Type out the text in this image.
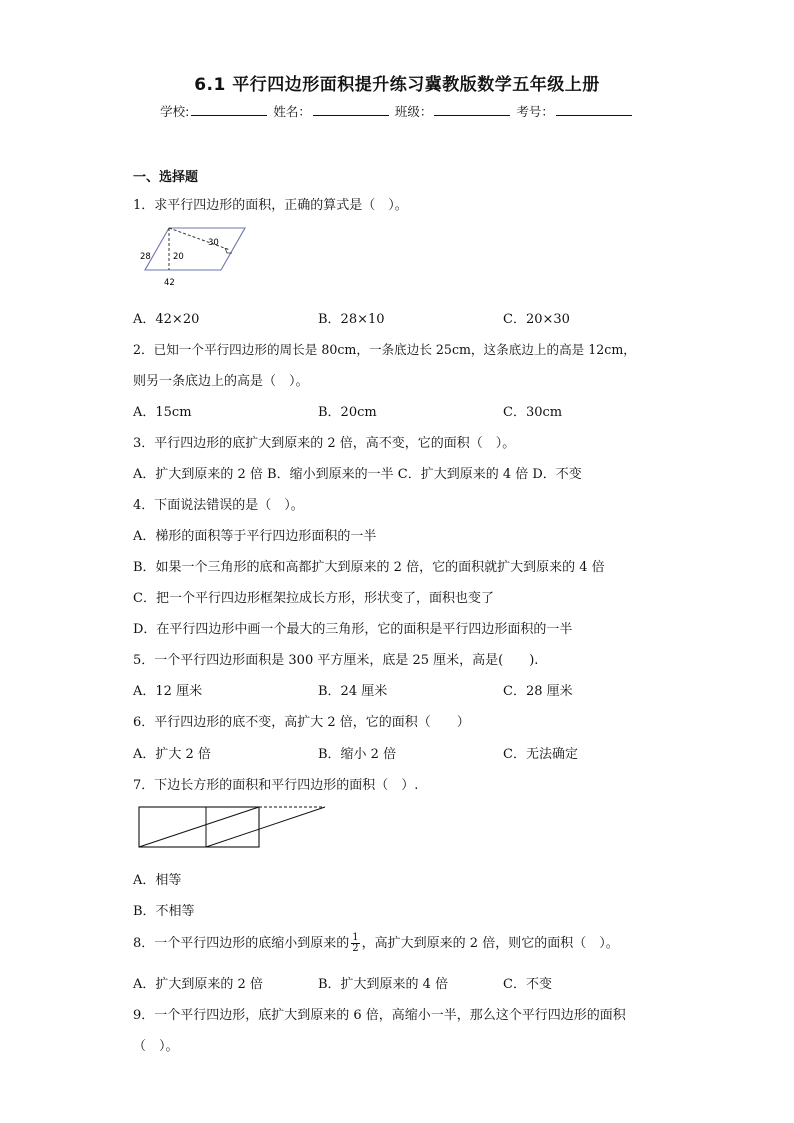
6.1 平行四边形面积提升练习冀教版数学五年级上册
学校:	姓名：	班级：	考号：
一、选择题
1．求平行四边形的面积，正确的算式是（　）。
28	20
30
42
A．42×20	B．28×10	C．20×30
2．已知一个平行四边形的周长是 80cm，一条底边长 25cm，这条底边上的高是 12cm，
则另一条底边上的高是（　）。
A．15cm	B．20cm	C．30cm
3．平行四边形的底扩大到原来的 2 倍，高不变，它的面积（　）。
A．扩大到原来的 2 倍 B．缩小到原来的一半 C．扩大到原来的 4 倍 D．不变
4．下面说法错误的是（　）。
A．梯形的面积等于平行四边形面积的一半
B．如果一个三角形的底和高都扩大到原来的 2 倍，它的面积就扩大到原来的 4 倍
C．把一个平行四边形框架拉成长方形，形状变了，面积也变了
D．在平行四边形中画一个最大的三角形，它的面积是平行四边形面积的一半
5．一个平行四边形面积是 300 平方厘米，底是 25 厘米，高是(　　).
A．12 厘米	B．24 厘米	C．28 厘米
6．平行四边形的底不变，高扩大 2 倍，它的面积（　　）
A．扩大 2 倍	B．缩小 2 倍	C．无法确定
7．下边长方形的面积和平行四边形的面积（　）.
A．相等
B．不相等
8．一个平行四边形的底缩小到原来的 $\frac{1}{2}$ ，高扩大到原来的 2 倍，则它的面积（　）。
A．扩大到原来的 2 倍	B．扩大到原来的 4 倍	C．不变
9．一个平行四边形，底扩大到原来的 6 倍，高缩小一半，那么这个平行四边形的面积
（　）。
